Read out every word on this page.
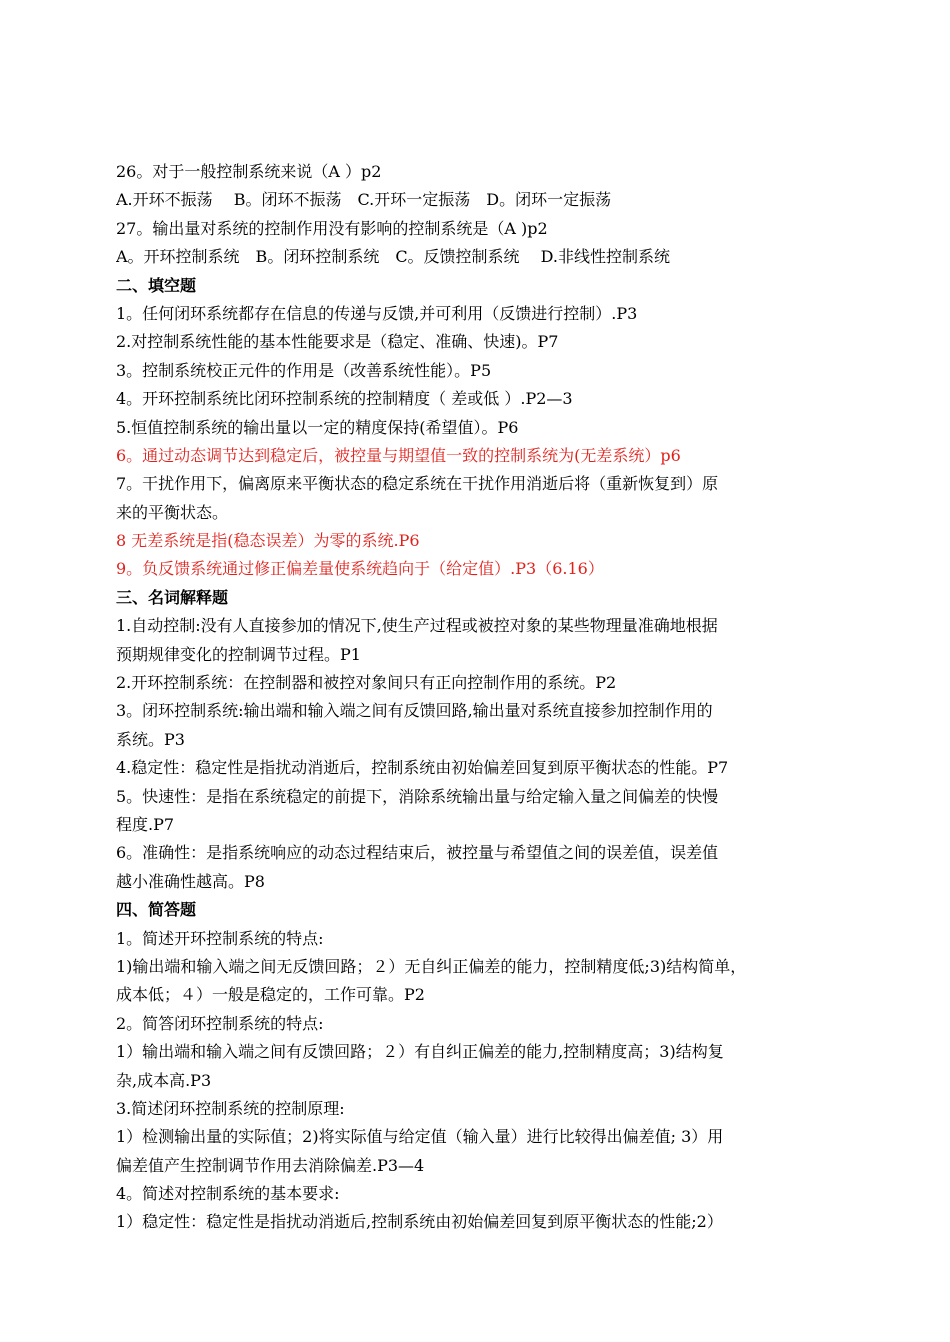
26。对于一般控制系统来说（A ）p2
A.开环不振荡　 B。闭环不振荡　C.开环一定振荡　D。闭环一定振荡
27。输出量对系统的控制作用没有影响的控制系统是（A )p2
A。开环控制系统　B。闭环控制系统　C。反馈控制系统　 D.非线性控制系统
二、填空题
1。任何闭环系统都存在信息的传递与反馈,并可利用（反馈进行控制）.P3
2.对控制系统性能的基本性能要求是（稳定、准确、快速)。P7
3。控制系统校正元件的作用是（改善系统性能）。P5
4。开环控制系统比闭环控制系统的控制精度（ 差或低 ）.P2—3
5.恒值控制系统的输出量以一定的精度保持(希望值）。P6
6。通过动态调节达到稳定后，被控量与期望值一致的控制系统为(无差系统）p6
7。干扰作用下，偏离原来平衡状态的稳定系统在干扰作用消逝后将（重新恢复到）原
来的平衡状态。
8 无差系统是指(稳态误差）为零的系统.P6
9。负反馈系统通过修正偏差量使系统趋向于（给定值）.P3（6.16）
三、名词解释题
1.自动控制:没有人直接参加的情况下,使生产过程或被控对象的某些物理量准确地根据
预期规律变化的控制调节过程。P1
2.开环控制系统：在控制器和被控对象间只有正向控制作用的系统。P2
3。闭环控制系统:输出端和输入端之间有反馈回路,输出量对系统直接参加控制作用的
系统。P3
4.稳定性：稳定性是指扰动消逝后，控制系统由初始偏差回复到原平衡状态的性能。P7
5。快速性：是指在系统稳定的前提下，消除系统输出量与给定输入量之间偏差的快慢
程度.P7
6。准确性：是指系统响应的动态过程结束后，被控量与希望值之间的误差值，误差值
越小准确性越高。P8
四、简答题
1。简述开环控制系统的特点:
1)输出端和输入端之间无反馈回路；２）无自纠正偏差的能力，控制精度低;3)结构简单，
成本低；４）一般是稳定的，工作可靠。P2
2。简答闭环控制系统的特点:
1）输出端和输入端之间有反馈回路；２）有自纠正偏差的能力,控制精度高；3)结构复
杂,成本高.P3
3.简述闭环控制系统的控制原理:
1）检测输出量的实际值；2)将实际值与给定值（输入量）进行比较得出偏差值; 3）用
偏差值产生控制调节作用去消除偏差.P3—4
4。简述对控制系统的基本要求:
1）稳定性：稳定性是指扰动消逝后,控制系统由初始偏差回复到原平衡状态的性能;2）
